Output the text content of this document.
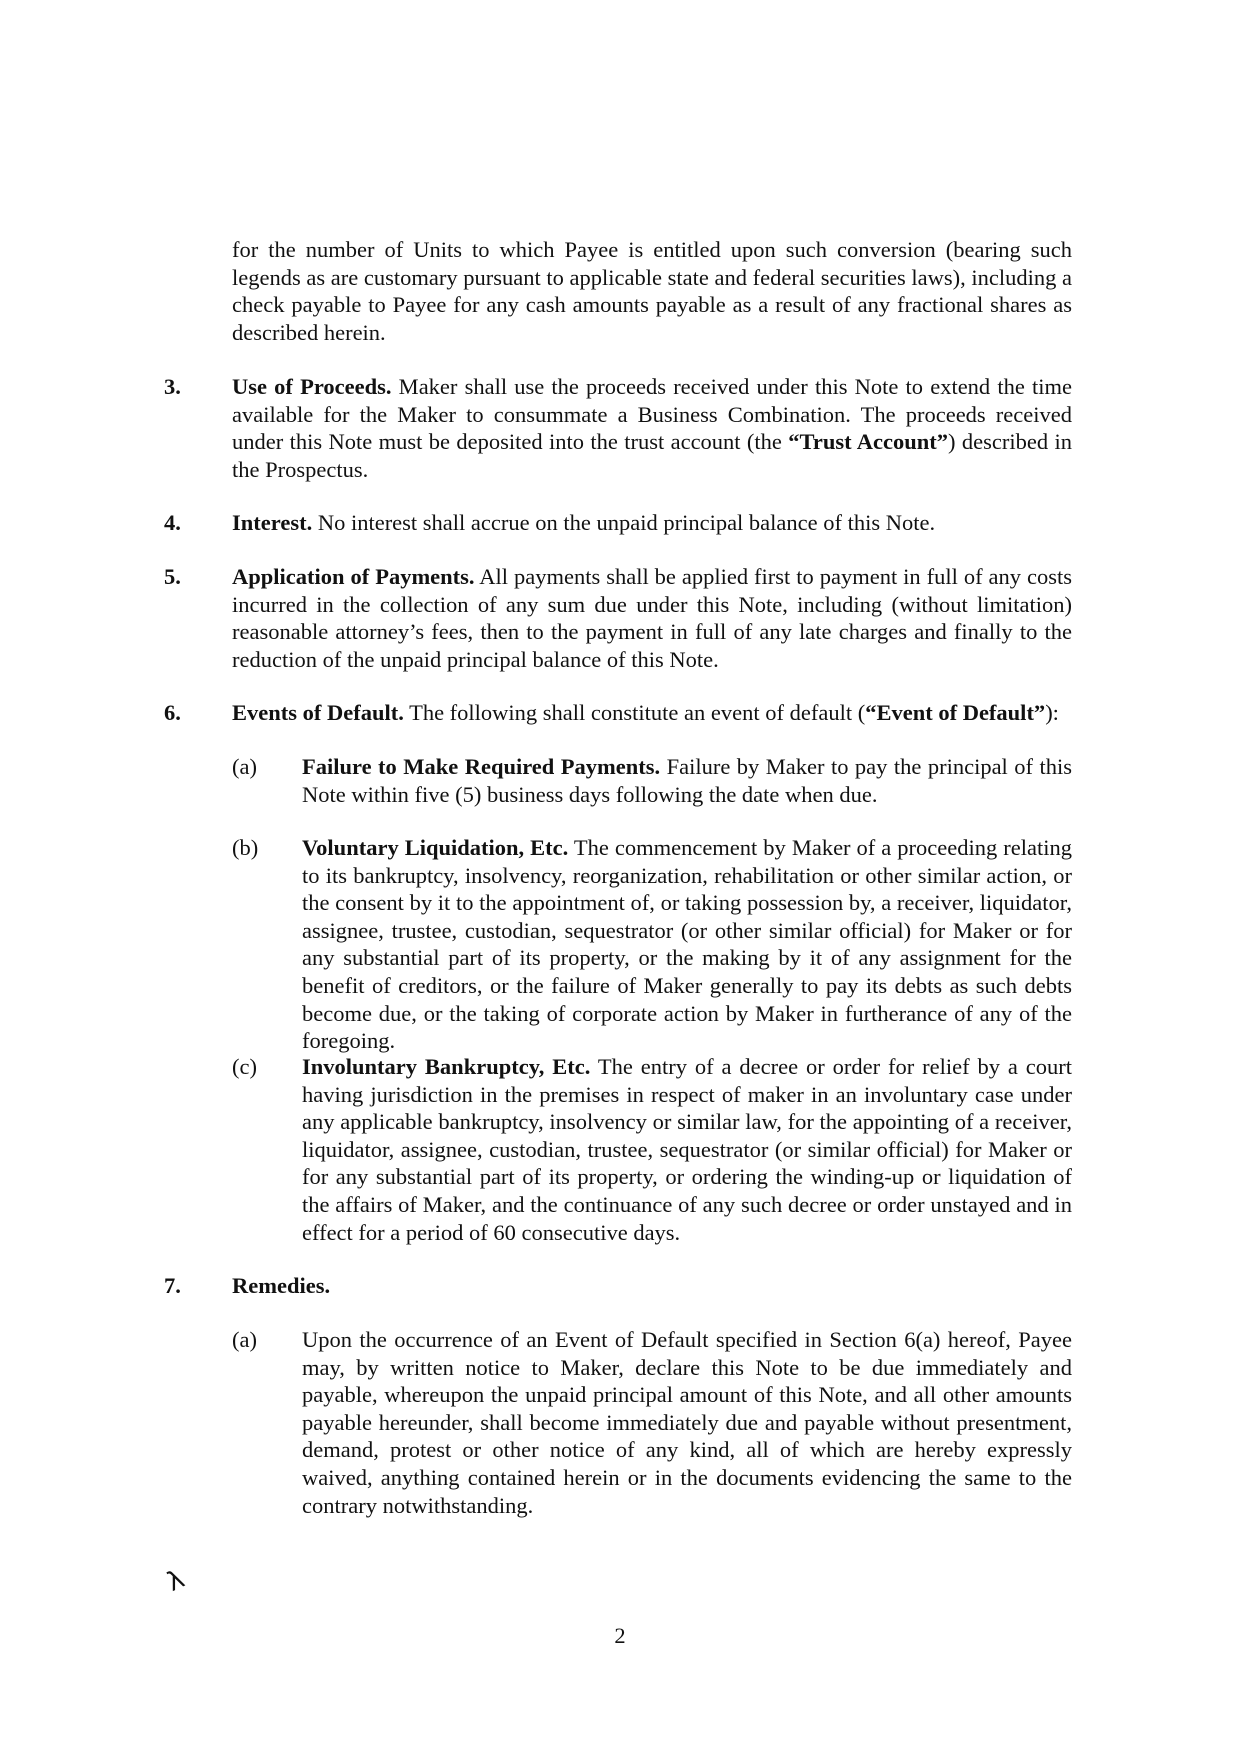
for the number of Units to which Payee is entitled upon such conversion (bearing such legends as are customary pursuant to applicable state and federal securities laws), including a check payable to Payee for any cash amounts payable as a result of any fractional shares as described herein.

3. Use of Proceeds. Maker shall use the proceeds received under this Note to extend the time available for the Maker to consummate a Business Combination. The proceeds received under this Note must be deposited into the trust account (the “Trust Account”) described in the Prospectus.

4. Interest. No interest shall accrue on the unpaid principal balance of this Note.

5. Application of Payments. All payments shall be applied first to payment in full of any costs incurred in the collection of any sum due under this Note, including (without limitation) reasonable attorney’s fees, then to the payment in full of any late charges and finally to the reduction of the unpaid principal balance of this Note.

6. Events of Default. The following shall constitute an event of default (“Event of Default”):

(a) Failure to Make Required Payments. Failure by Maker to pay the principal of this Note within five (5) business days following the date when due.

(b) Voluntary Liquidation, Etc. The commencement by Maker of a proceeding relating to its bankruptcy, insolvency, reorganization, rehabilitation or other similar action, or the consent by it to the appointment of, or taking possession by, a receiver, liquidator, assignee, trustee, custodian, sequestrator (or other similar official) for Maker or for any substantial part of its property, or the making by it of any assignment for the benefit of creditors, or the failure of Maker generally to pay its debts as such debts become due, or the taking of corporate action by Maker in furtherance of any of the foregoing.

(c) Involuntary Bankruptcy, Etc. The entry of a decree or order for relief by a court having jurisdiction in the premises in respect of maker in an involuntary case under any applicable bankruptcy, insolvency or similar law, for the appointing of a receiver, liquidator, assignee, custodian, trustee, sequestrator (or similar official) for Maker or for any substantial part of its property, or ordering the winding-up or liquidation of the affairs of Maker, and the continuance of any such decree or order unstayed and in effect for a period of 60 consecutive days.

7. Remedies.

(a) Upon the occurrence of an Event of Default specified in Section 6(a) hereof, Payee may, by written notice to Maker, declare this Note to be due immediately and payable, whereupon the unpaid principal amount of this Note, and all other amounts payable hereunder, shall become immediately due and payable without presentment, demand, protest or other notice of any kind, all of which are hereby expressly waived, anything contained herein or in the documents evidencing the same to the contrary notwithstanding.

λ
2
